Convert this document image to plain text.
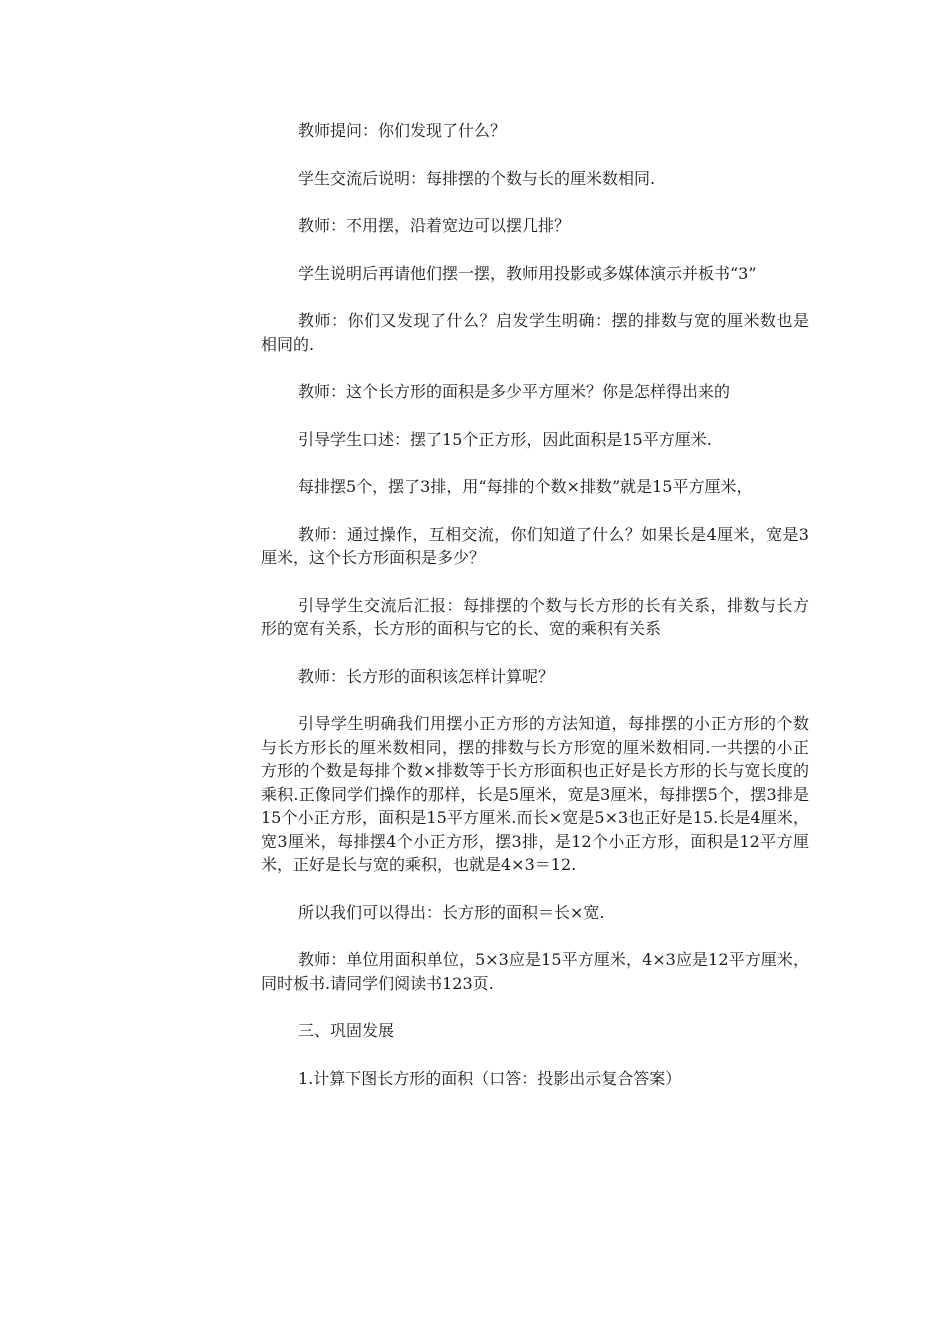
教师提问：你们发现了什么？

学生交流后说明：每排摆的个数与长的厘米数相同.

教师：不用摆，沿着宽边可以摆几排？

学生说明后再请他们摆一摆，教师用投影或多媒体演示并板书“3”

教师：你们又发现了什么？启发学生明确：摆的排数与宽的厘米数也是相同的.

教师：这个长方形的面积是多少平方厘米？你是怎样得出来的

引导学生口述：摆了15个正方形，因此面积是15平方厘米.

每排摆5个，摆了3排，用“每排的个数×排数”就是15平方厘米，

教师：通过操作，互相交流，你们知道了什么？如果长是4厘米，宽是3厘米，这个长方形面积是多少？

引导学生交流后汇报：每排摆的个数与长方形的长有关系，排数与长方形的宽有关系，长方形的面积与它的长、宽的乘积有关系

教师：长方形的面积该怎样计算呢？

引导学生明确我们用摆小正方形的方法知道，每排摆的小正方形的个数与长方形长的厘米数相同，摆的排数与长方形宽的厘米数相同.一共摆的小正方形的个数是每排个数×排数等于长方形面积也正好是长方形的长与宽长度的乘积.正像同学们操作的那样，长是5厘米，宽是3厘米，每排摆5个，摆3排是15个小正方形，面积是15平方厘米.而长×宽是5×3也正好是15.长是4厘米，宽3厘米，每排摆4个小正方形，摆3排，是12个小正方形，面积是12平方厘米，正好是长与宽的乘积，也就是4×3＝12.

所以我们可以得出：长方形的面积＝长×宽.

教师：单位用面积单位，5×3应是15平方厘米，4×3应是12平方厘米，同时板书.请同学们阅读书123页.

三、巩固发展

1.计算下图长方形的面积（口答：投影出示复合答案）
